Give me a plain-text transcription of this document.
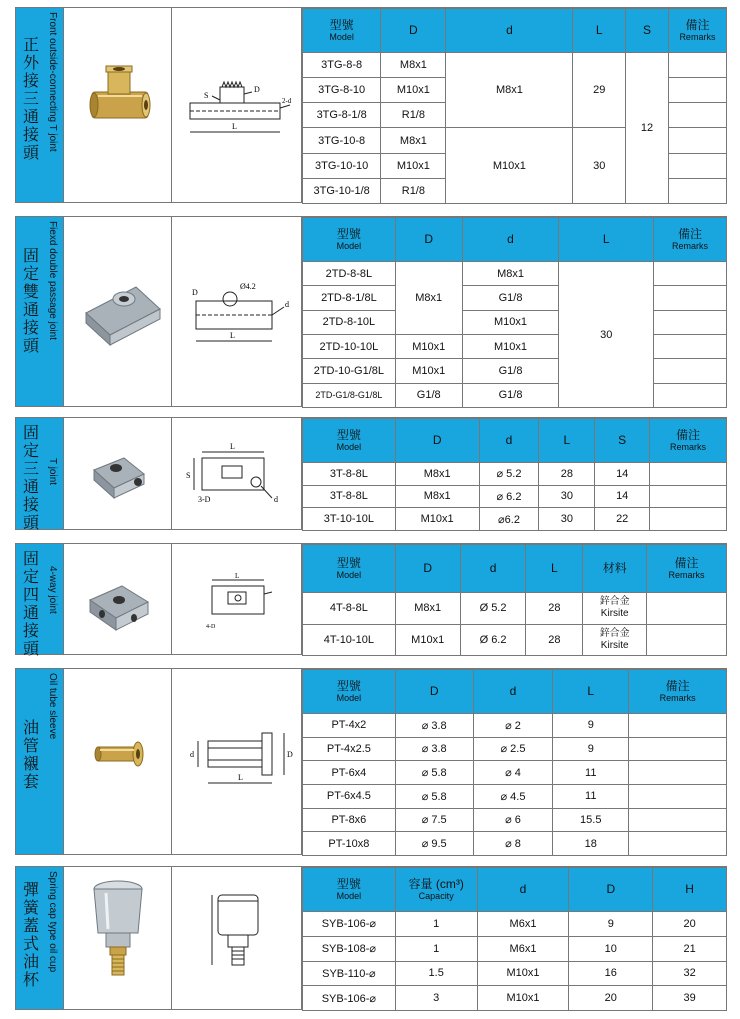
正外接三通接頭
Front outside-connecting T joint	S
D
2-d
L
型號
Model	D	d	L	S	備注
Remarks

3TG-8-8	M8x1	M8x1	29	12	
3TG-8-10	M10x1				
3TG-8-1/8	R1/8				
3TG-10-8	M8x1	M10x1	30		
3TG-10-10	M10x1				
3TG-10-1/8	R1/8				
固定雙通接頭
Fiexd double passage joint	D
Ø4.2
d
L
型號
Model	D	d	L	備注
Remarks

2TD-8-8L	M8x1	M8x1	30	
2TD-8-1/8L		G1/8		
2TD-8-10L		M10x1		
2TD-10-10L	M10x1	M10x1		
2TD-10-G1/8L	M10x1	G1/8		
2TD-G1/8-G1/8L	G1/8	G1/8		
固定三通接頭
T joint
L
S
3-D	d
型號
Model	D	d	L	S	備注
Remarks

3T-8-8L	M8x1	⌀ 5.2	28	14	
3T-8-8L	M8x1	⌀ 6.2	30	14	
3T-10-10L	M10x1	⌀6.2	30	22	
固定四通接頭
4-way joint	L
4-D
型號
Model	D	d	L	材料	備注
Remarks

4T-8-8L	M8x1	Ø 5.2	28	鋅合金
Kirsite	

4T-10-10L	M10x1	Ø 6.2	28	鋅合金
Kirsite	

油管襯套
Oil tube sleeve
d	D
L
型號
Model	D	d	L	備注
Remarks

PT-4x2	⌀ 3.8	⌀ 2	9	
PT-4x2.5	⌀ 3.8	⌀ 2.5	9	
PT-6x4	⌀ 5.8	⌀ 4	11	
PT-6x4.5	⌀ 5.8	⌀ 4.5	11	
PT-8x6	⌀ 7.5	⌀ 6	15.5	
PT-10x8	⌀ 9.5	⌀ 8	18	
彈簧蓋式油杯
Spring cap type oil cup	型號
Model	容量 (cm³)
Capacity	d	D	H
SYB-106-⌀	1	M6x1	9	20
SYB-108-⌀	1	M6x1	10	21
SYB-110-⌀	1.5	M10x1	16	32
SYB-106-⌀	3	M10x1	20	39
